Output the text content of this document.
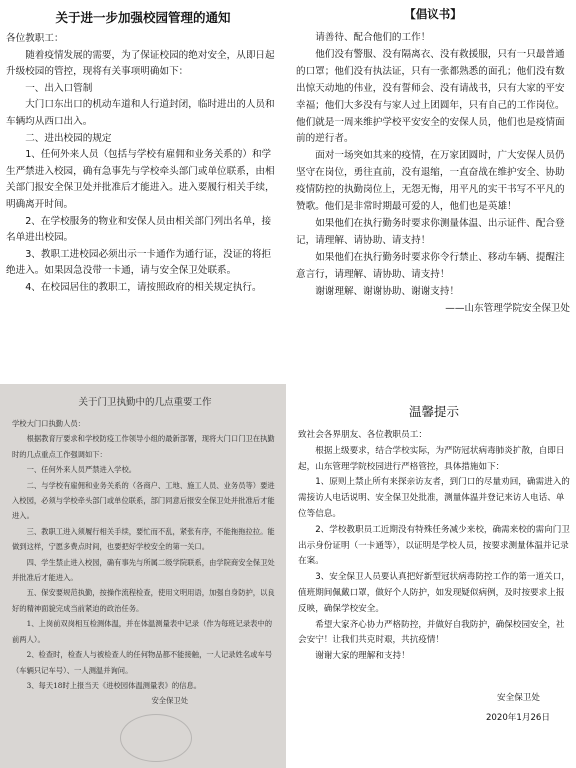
关于进一步加强校园管理的通知

各位教职工：

随着疫情发展的需要，为了保证校园的绝对安全，从即日起升级校园的管控，现将有关事项明确如下：

一、出入口管制

大门口东出口的机动车道和人行道封闭，临时进出的人员和车辆均从西口出入。

二、进出校园的规定

1、任何外来人员（包括与学校有雇佣和业务关系的）和学生严禁进入校园，确有急事先与学校牵头部门或单位联系，由相关部门报安全保卫处并批准后才能进入。进入要履行相关手续，明确离开时间。

2、在学校服务的物业和安保人员由相关部门列出名单，接名单进出校园。

3、教职工进校园必须出示一卡通作为通行证，没证的将拒绝进入。如果因急没带一卡通，请与安全保卫处联系。

4、在校园居住的教职工，请按照政府的相关规定执行。

【倡议书】

请善待、配合他们的工作！

他们没有警服、没有隔离衣、没有救援服，只有一只最普通的口罩；他们没有执法证，只有一张都熟悉的面孔；他们没有数出惊天动地的伟业，没有誓师会、没有请战书，只有大家的平安幸福；他们大多没有与家人过上团圆年，只有自己的工作岗位。他们就是一周来维护学校平安安全的安保人员，他们也是疫情面前的逆行者。

面对一场突如其来的疫情，在万家团圆时，广大安保人员仍坚守在岗位，勇往直前，没有退缩，一直奋战在维护安全、协助疫情防控的执勤岗位上，无怨无悔，用平凡的实干书写不平凡的赞歌。他们是非常时期最可爱的人，他们也是英雄！

如果他们在执行勤务时要求你测量体温、出示证件、配合登记，请理解、请协助、请支持！

如果他们在执行勤务时要求你令行禁止、移动车辆、提醒注意言行，请理解、请协助、请支持！

谢谢理解、谢谢协助、谢谢支持！

——山东管理学院安全保卫处

关于门卫执勤中的几点重要工作

学校大门口执勤人员：

根据教育厅要求和学校防疫工作领导小组的最新部署，现将大门口门卫在执勤时的几点重点工作强调如下：

一、任何外来人员严禁进入学校。

二、与学校有雇佣和业务关系的（各商户、工地、施工人员、业务员等）要进入校园，必须与学校牵头部门或单位联系，部门同意后报安全保卫处并批准后才能进入。

三、教职工进入须履行相关手续，要忙而不乱，紧张有序，不能拖拖拉拉。能做到这样，宁愿多费点时间，也要把好学校安全的第一关口。

四、学生禁止进入校园，确有事先与所属二级学院联系，由学院商安全保卫处并批准后才能进入。

五、保安要规范执勤，按操作流程检查，使用文明用语，加强自身防护，以良好的精神面貌完成当前紧迫的政治任务。

1、上岗前双岗相互检测体温，并在体温测量表中记录（作为每班记录表中的前两人）。

2、检查时，检查人与被检查人的任何物品都不能接触，一人记录姓名或车号（车辆只记车号）、一人测温并询问。

3、每天18时上报当天《进校园体温测量表》的信息。

安全保卫处

温馨提示

致社会各界朋友、各位教职员工：

根据上级要求，结合学校实际，为严防冠状病毒肺炎扩散，自即日起，山东管理学院校园进行严格管控，具体措施如下：

1、原则上禁止所有来探亲访友者，到门口的尽量劝回，确需进入的需接访人电话说明、安全保卫处批准，测量体温并登记来访人电话、单位等信息。

2、学校教职员工近期没有特殊任务减少来校，确需来校的需向门卫出示身份证明（一卡通等），以证明是学校人员，按要求测量体温并记录在案。

3、安全保卫人员要认真把好新型冠状病毒防控工作的第一道关口，值班期间佩戴口罩，做好个人防护，如发现疑似病例，及时按要求上报反映，确保学校安全。

希望大家齐心协力严格防控，并做好自我防护，确保校园安全，社会安宁！让我们共克时艰，共抗疫情！

谢谢大家的理解和支持！

安全保卫处

2020年1月26日
